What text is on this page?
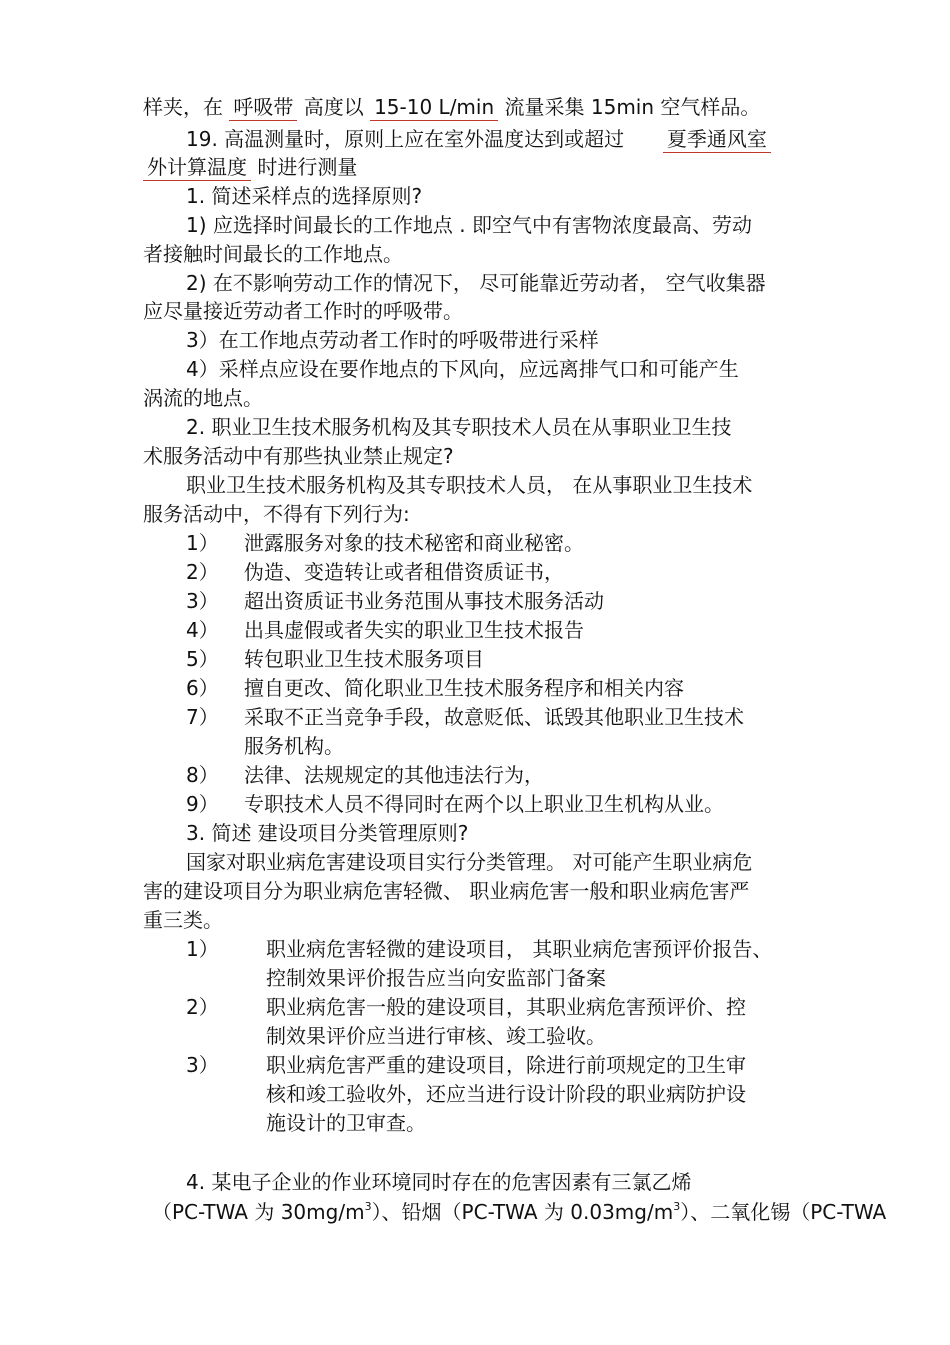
样夹，在 呼吸带 高度以 15-10 L/min 流量采集 15min 空气样品。
19. 高温测量时，原则上应在室外温度达到或超过 夏季通风室
外计算温度 时进行测量
1. 简述采样点的选择原则?
1) 应选择时间最长的工作地点 . 即空气中有害物浓度最高、劳动
者接触时间最长的工作地点。
2) 在不影响劳动工作的情况下， 尽可能靠近劳动者， 空气收集器
应尽量接近劳动者工作时的呼吸带。
3）在工作地点劳动者工作时的呼吸带进行采样
4）采样点应设在要作地点的下风向，应远离排气口和可能产生
涡流的地点。
2. 职业卫生技术服务机构及其专职技术人员在从事职业卫生技
术服务活动中有那些执业禁止规定?
职业卫生技术服务机构及其专职技术人员， 在从事职业卫生技术
服务活动中，不得有下列行为:
1） 泄露服务对象的技术秘密和商业秘密。
2） 伪造、变造转让或者租借资质证书，
3） 超出资质证书业务范围从事技术服务活动
4） 出具虚假或者失实的职业卫生技术报告
5） 转包职业卫生技术服务项目
6） 擅自更改、简化职业卫生技术服务程序和相关内容
7） 采取不正当竞争手段，故意贬低、诋毁其他职业卫生技术
服务机构。
8） 法律、法规规定的其他违法行为，
9） 专职技术人员不得同时在两个以上职业卫生机构从业。
3. 简述 建设项目分类管理原则?
国家对职业病危害建设项目实行分类管理。 对可能产生职业病危
害的建设项目分为职业病危害轻微、 职业病危害一般和职业病危害严
重三类。
1） 职业病危害轻微的建设项目， 其职业病危害预评价报告、
控制效果评价报告应当向安监部门备案
2） 职业病危害一般的建设项目，其职业病危害预评价、控
制效果评价应当进行审核、竣工验收。
3） 职业病危害严重的建设项目，除进行前项规定的卫生审
核和竣工验收外，还应当进行设计阶段的职业病防护设
施设计的卫审查。
4. 某电子企业的作业环境同时存在的危害因素有三氯乙烯
（PC-TWA 为 $30mg/m^3$）、铅烟（PC-TWA 为 $0.03mg/m^3$）、二氧化锡（PC-TWA
